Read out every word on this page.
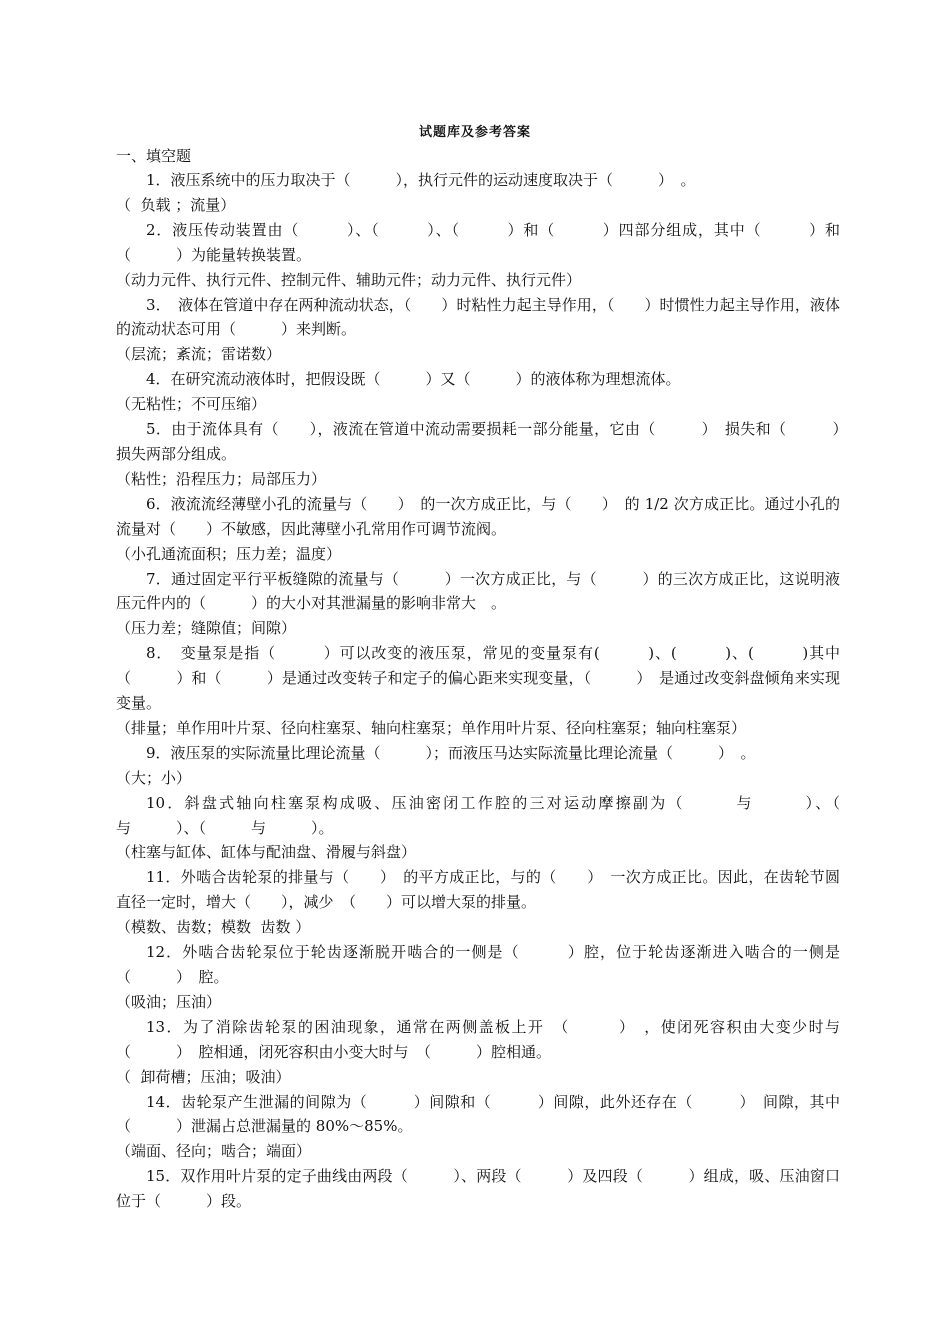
试题库及参考答案
一、填空题

1．液压系统中的压力取决于（　　　），执行元件的运动速度取决于（　　　）　。

（  负载 ；流量）

2．液压传动装置由（　　　）、（　　　）、（　　　）和（　　　）四部分组成，其中（　　　）和（　　　）为能量转换装置。

（动力元件、执行元件、控制元件、辅助元件；动力元件、执行元件）

3．　液体在管道中存在两种流动状态，（　　）时粘性力起主导作用，（　　）时惯性力起主导作用，液体的流动状态可用（　　　）来判断。

（层流；紊流；雷诺数）

4．在研究流动液体时，把假设既（　　　）又（　　　）的液体称为理想流体。

（无粘性；不可压缩）

5．由于流体具有（　　），液流在管道中流动需要损耗一部分能量，它由（　　　）　损失和（　　　）　损失两部分组成。

（粘性；沿程压力；局部压力）

6．液流流经薄壁小孔的流量与（　　）　的一次方成正比，与（　　）　的 1/2 次方成正比。通过小孔的流量对（　　）不敏感，因此薄壁小孔常用作可调节流阀。

（小孔通流面积；压力差；温度）

7．通过固定平行平板缝隙的流量与（　　　）一次方成正比，与（　　　）的三次方成正比，这说明液压元件内的（　　　）的大小对其泄漏量的影响非常大　。

（压力差；缝隙值；间隙）

8．　变量泵是指（　　　）可以改变的液压泵，常见的变量泵有(　　　)、(　　　)、(　　　)其中　（　　　）和（　　　）是通过改变转子和定子的偏心距来实现变量，（　　　）　是通过改变斜盘倾角来实现变量。

（排量；单作用叶片泵、径向柱塞泵、轴向柱塞泵；单作用叶片泵、径向柱塞泵；轴向柱塞泵）

9．液压泵的实际流量比理论流量（　　　）；而液压马达实际流量比理论流量（　　　）　。

（大；小）

10．斜盘式轴向柱塞泵构成吸、压油密闭工作腔的三对运动摩擦副为（　　　与　　　）、（　　　与　　　）、（　　　与　　　）。

（柱塞与缸体、缸体与配油盘、滑履与斜盘）

11．外啮合齿轮泵的排量与（　　）　的平方成正比，与的（　　）　一次方成正比。因此，在齿轮节圆直径一定时，增大（　　），减少　（　　）可以增大泵的排量。

（模数、齿数；模数  齿数 ）

12．外啮合齿轮泵位于轮齿逐渐脱开啮合的一侧是（　　　）腔，位于轮齿逐渐进入啮合的一侧是（　　　）　腔。

（吸油；压油）

13．为了消除齿轮泵的困油现象，通常在两侧盖板上开　（　　　）　，使闭死容积由大变少时与（　　　）　腔相通，闭死容积由小变大时与　（　　　）腔相通。

（  卸荷槽；压油；吸油）

14．齿轮泵产生泄漏的间隙为（　　　）间隙和（　　　）间隙，此外还存在（　　　）　间隙，其中（　　　）泄漏占总泄漏量的 80%～85%。

（端面、径向；啮合；端面）

15．双作用叶片泵的定子曲线由两段（　　　）、两段（　　　）及四段（　　　）组成，吸、压油窗口位于（　　　）段。
